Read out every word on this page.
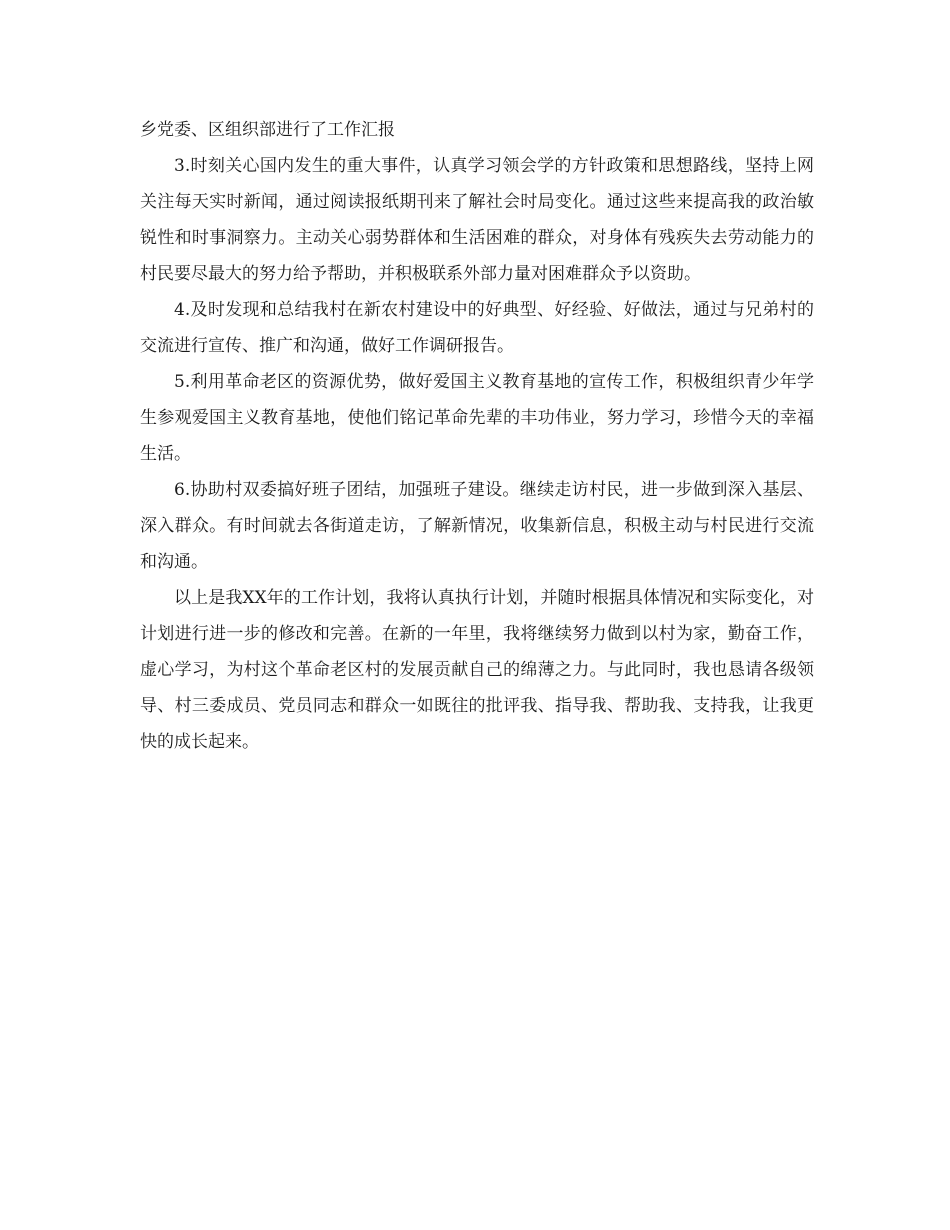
乡党委、区组织部进行了工作汇报

3.时刻关心国内发生的重大事件，认真学习领会学的方针政策和思想路线，坚持上网关注每天实时新闻，通过阅读报纸期刊来了解社会时局变化。通过这些来提高我的政治敏锐性和时事洞察力。主动关心弱势群体和生活困难的群众，对身体有残疾失去劳动能力的村民要尽最大的努力给予帮助，并积极联系外部力量对困难群众予以资助。

4.及时发现和总结我村在新农村建设中的好典型、好经验、好做法，通过与兄弟村的交流进行宣传、推广和沟通，做好工作调研报告。

5.利用革命老区的资源优势，做好爱国主义教育基地的宣传工作，积极组织青少年学生参观爱国主义教育基地，使他们铭记革命先辈的丰功伟业，努力学习，珍惜今天的幸福生活。

6.协助村双委搞好班子团结，加强班子建设。继续走访村民，进一步做到深入基层、深入群众。有时间就去各街道走访，了解新情况，收集新信息，积极主动与村民进行交流和沟通。

以上是我XX年的工作计划，我将认真执行计划，并随时根据具体情况和实际变化，对计划进行进一步的修改和完善。在新的一年里，我将继续努力做到以村为家，勤奋工作，虚心学习，为村这个革命老区村的发展贡献自己的绵薄之力。与此同时，我也恳请各级领导、村三委成员、党员同志和群众一如既往的批评我、指导我、帮助我、支持我，让我更快的成长起来。
